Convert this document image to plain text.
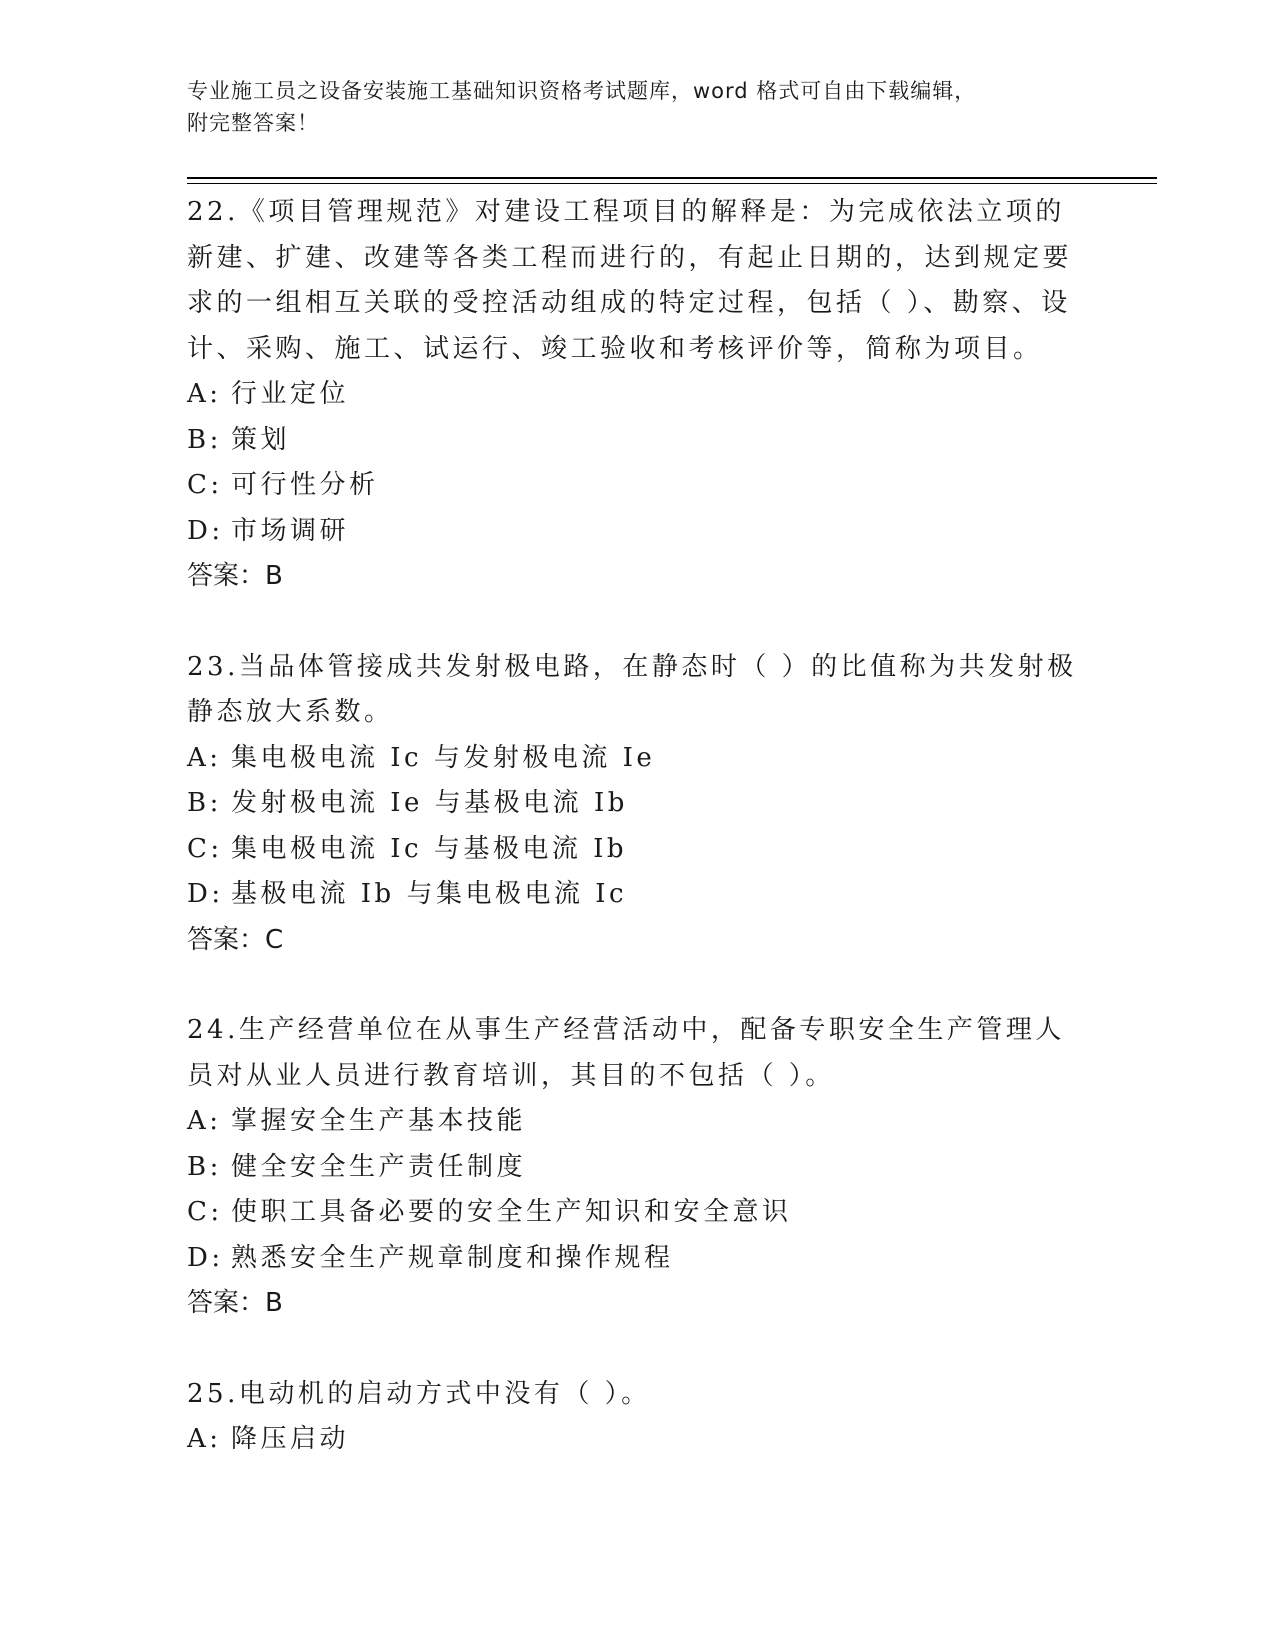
专业施工员之设备安装施工基础知识资格考试题库，word 格式可自由下载编辑，
附完整答案！
22.《项目管理规范》对建设工程项目的解释是：为完成依法立项的新建、扩建、改建等各类工程而进行的，有起止日期的，达到规定要求的一组相互关联的受控活动组成的特定过程，包括（ ）、勘察、设计、采购、施工、试运行、竣工验收和考核评价等，简称为项目。
A: 行业定位
B: 策划
C: 可行性分析
D: 市场调研
答案：B
23.当品体管接成共发射极电路，在静态时（ ）的比值称为共发射极静态放大系数。
A: 集电极电流 Ic 与发射极电流 Ie
B: 发射极电流 Ie 与基极电流 Ib
C: 集电极电流 Ic 与基极电流 Ib
D: 基极电流 Ib 与集电极电流 Ic
答案：C
24.生产经营单位在从事生产经营活动中，配备专职安全生产管理人员对从业人员进行教育培训，其目的不包括（ ）。
A: 掌握安全生产基本技能
B: 健全安全生产责任制度
C: 使职工具备必要的安全生产知识和安全意识
D: 熟悉安全生产规章制度和操作规程
答案：B
25.电动机的启动方式中没有（ ）。
A: 降压启动
